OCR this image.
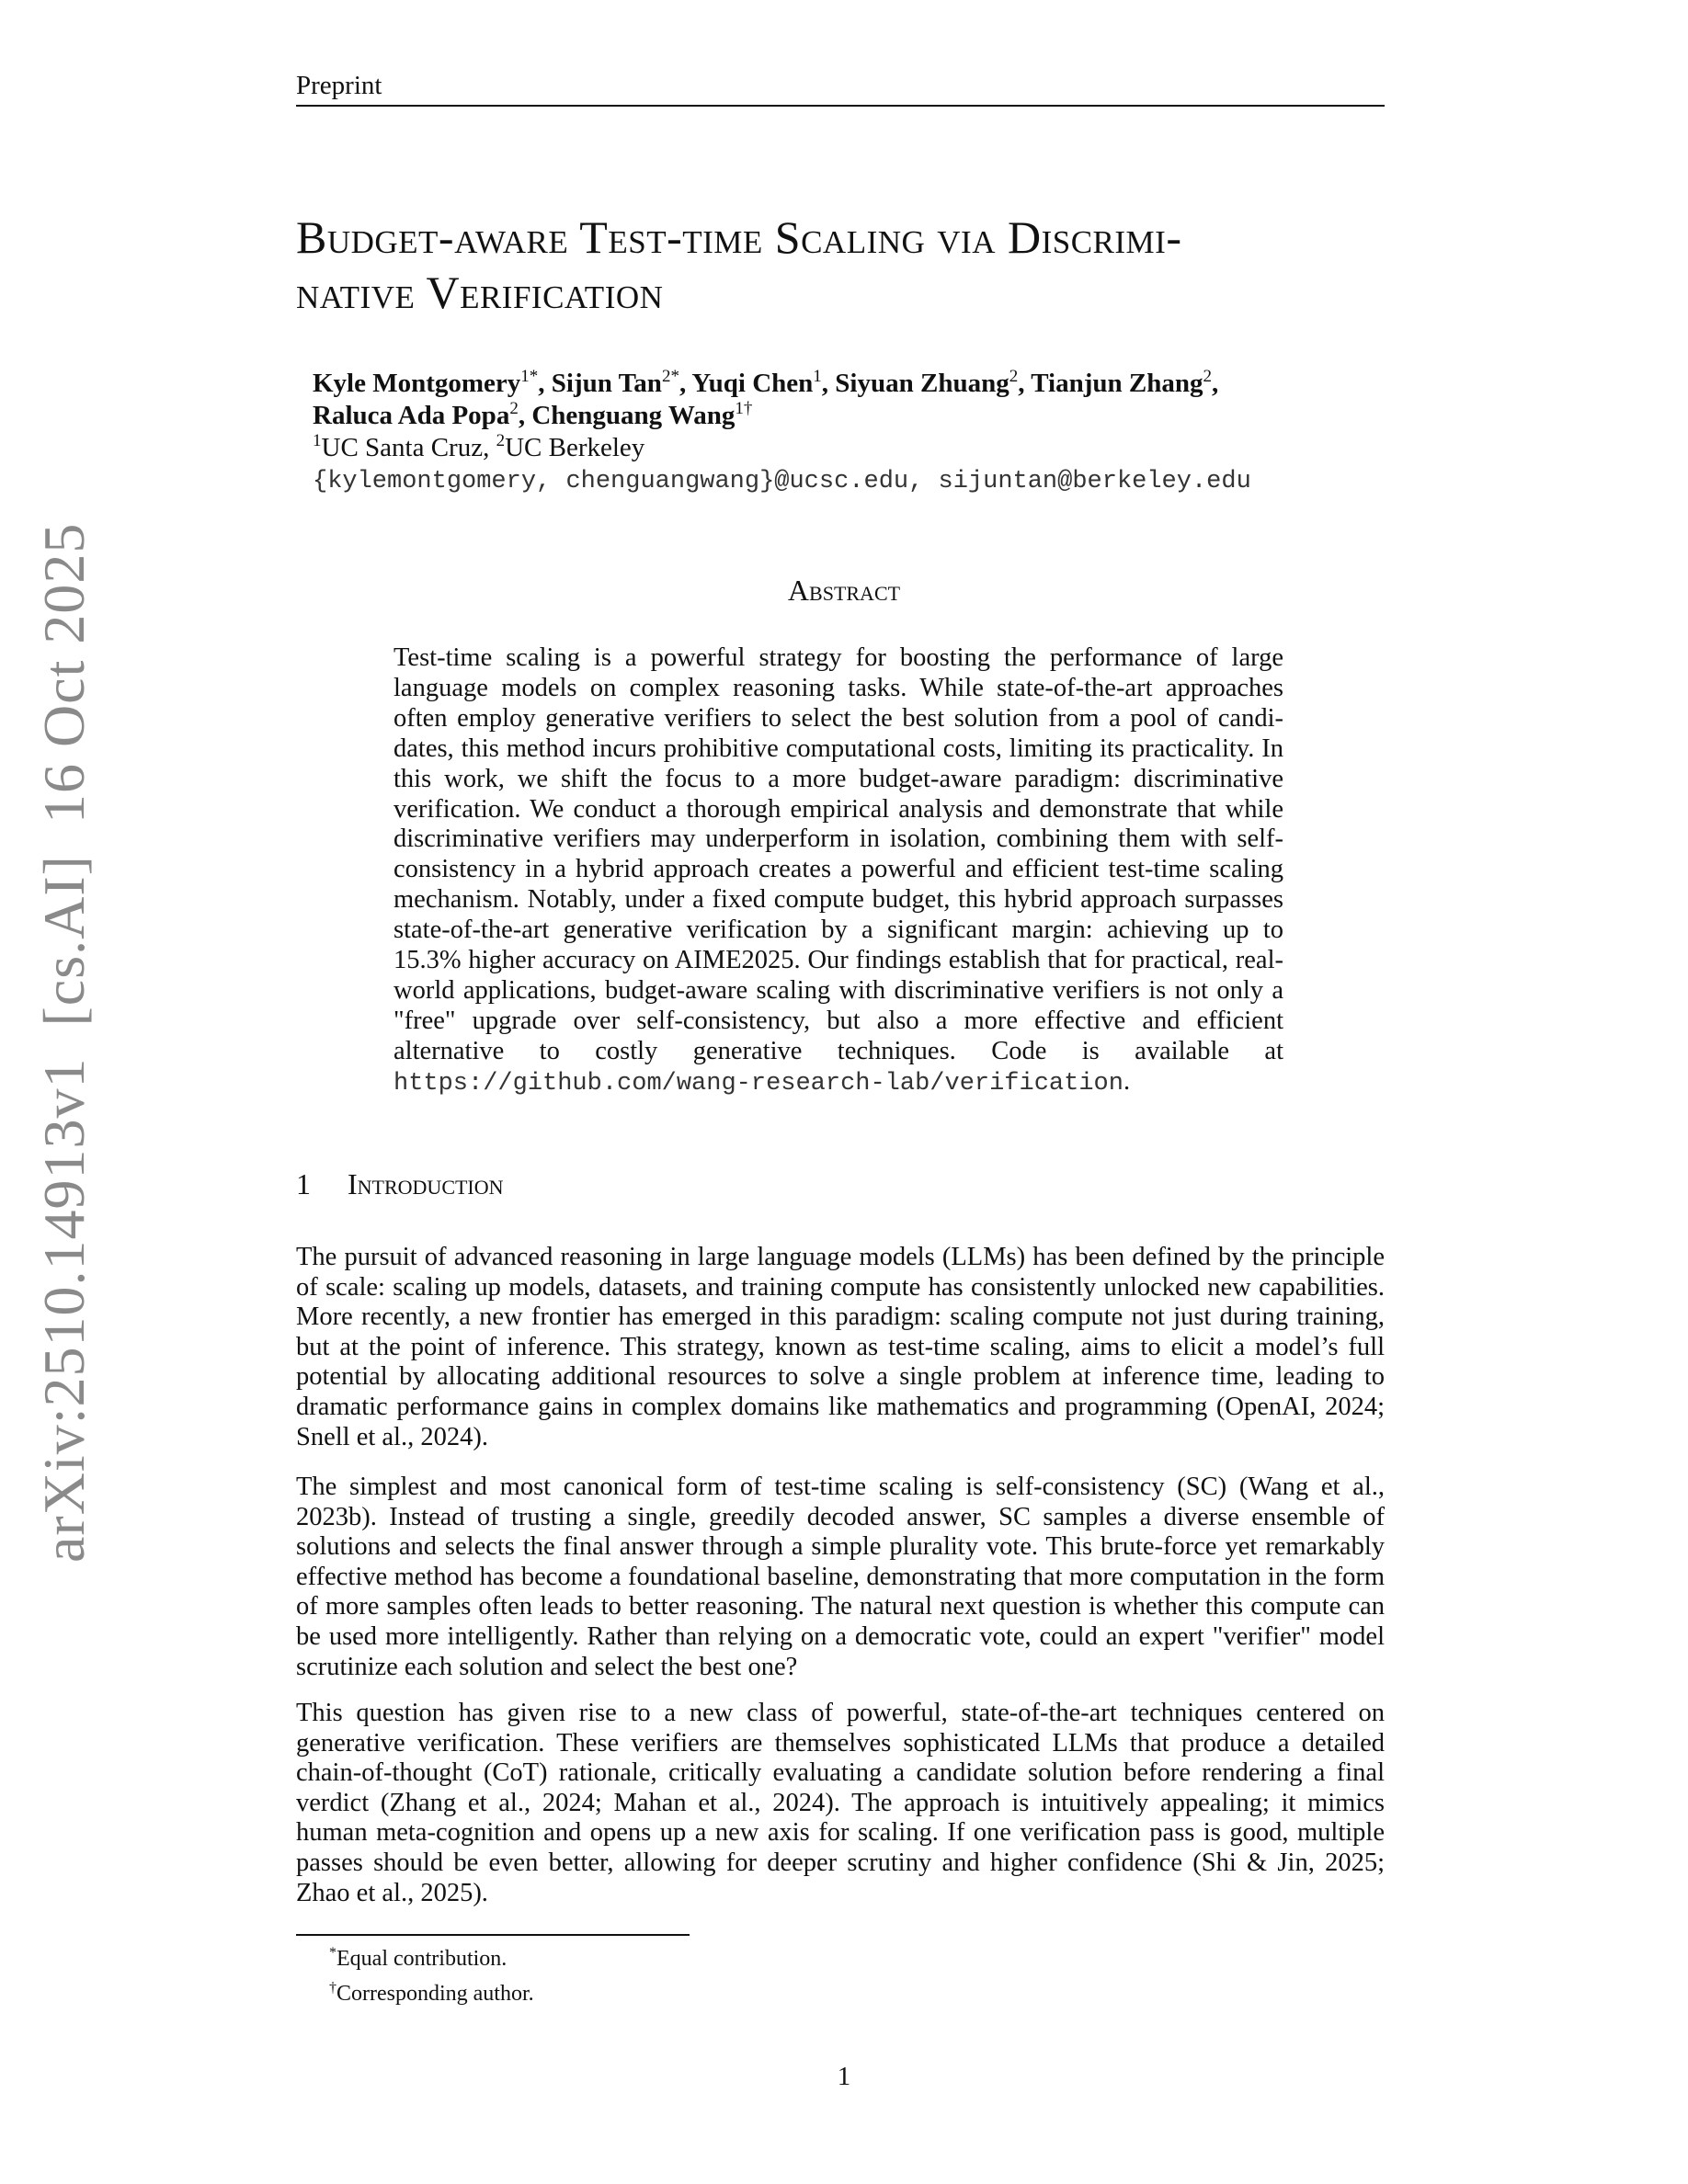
Preprint
arXiv:2510.14913v1  [cs.AI]  16 Oct 2025
Budget-aware Test-time Scaling via Discrimi-
native Verification
Kyle Montgomery$^{1*}$, Sijun Tan$^{2*}$, Yuqi Chen$^1$, Siyuan Zhuang$^2$, Tianjun Zhang$^2$,
Raluca Ada Popa$^2$, Chenguang Wang$^{1\dagger}$
$^1$UC Santa Cruz, $^2$UC Berkeley
{kylemontgomery, chenguangwang}@ucsc.edu, sijuntan@berkeley.edu
Abstract

Test-time scaling is a powerful strategy for boosting the performance of large language models on complex reasoning tasks. While state-of-the-art approaches often employ generative verifiers to select the best solution from a pool of candidates, this method incurs prohibitive computational costs, limiting its practicality. In this work, we shift the focus to a more budget-aware paradigm: discriminative verification. We conduct a thorough empirical analysis and demonstrate that while discriminative verifiers may underperform in isolation, combining them with self-consistency in a hybrid approach creates a powerful and efficient test-time scaling mechanism. Notably, under a fixed compute budget, this hybrid approach surpasses state-of-the-art generative verification by a significant margin: achieving up to 15.3% higher accuracy on AIME2025. Our findings establish that for practical, real-world applications, budget-aware scaling with discriminative verifiers is not only a "free" upgrade over self-consistency, but also a more effective and efficient alternative to costly generative techniques. Code is available at https://github.com/wang-research-lab/verification.

1 Introduction

The pursuit of advanced reasoning in large language models (LLMs) has been defined by the principle of scale: scaling up models, datasets, and training compute has consistently unlocked new capabilities. More recently, a new frontier has emerged in this paradigm: scaling compute not just during training, but at the point of inference. This strategy, known as test-time scaling, aims to elicit a model’s full potential by allocating additional resources to solve a single problem at inference time, leading to dramatic performance gains in complex domains like mathematics and programming (OpenAI, 2024; Snell et al., 2024).

The simplest and most canonical form of test-time scaling is self-consistency (SC) (Wang et al., 2023b). Instead of trusting a single, greedily decoded answer, SC samples a diverse ensemble of solutions and selects the final answer through a simple plurality vote. This brute-force yet remarkably effective method has become a foundational baseline, demonstrating that more computation in the form of more samples often leads to better reasoning. The natural next question is whether this compute can be used more intelligently. Rather than relying on a democratic vote, could an expert "verifier" model scrutinize each solution and select the best one?

This question has given rise to a new class of powerful, state-of-the-art techniques centered on generative verification. These verifiers are themselves sophisticated LLMs that produce a detailed chain-of-thought (CoT) rationale, critically evaluating a candidate solution before rendering a final verdict (Zhang et al., 2024; Mahan et al., 2024). The approach is intuitively appealing; it mimics human meta-cognition and opens up a new axis for scaling. If one verification pass is good, multiple passes should be even better, allowing for deeper scrutiny and higher confidence (Shi & Jin, 2025; Zhao et al., 2025).

*Equal contribution.
†Corresponding author.
1
